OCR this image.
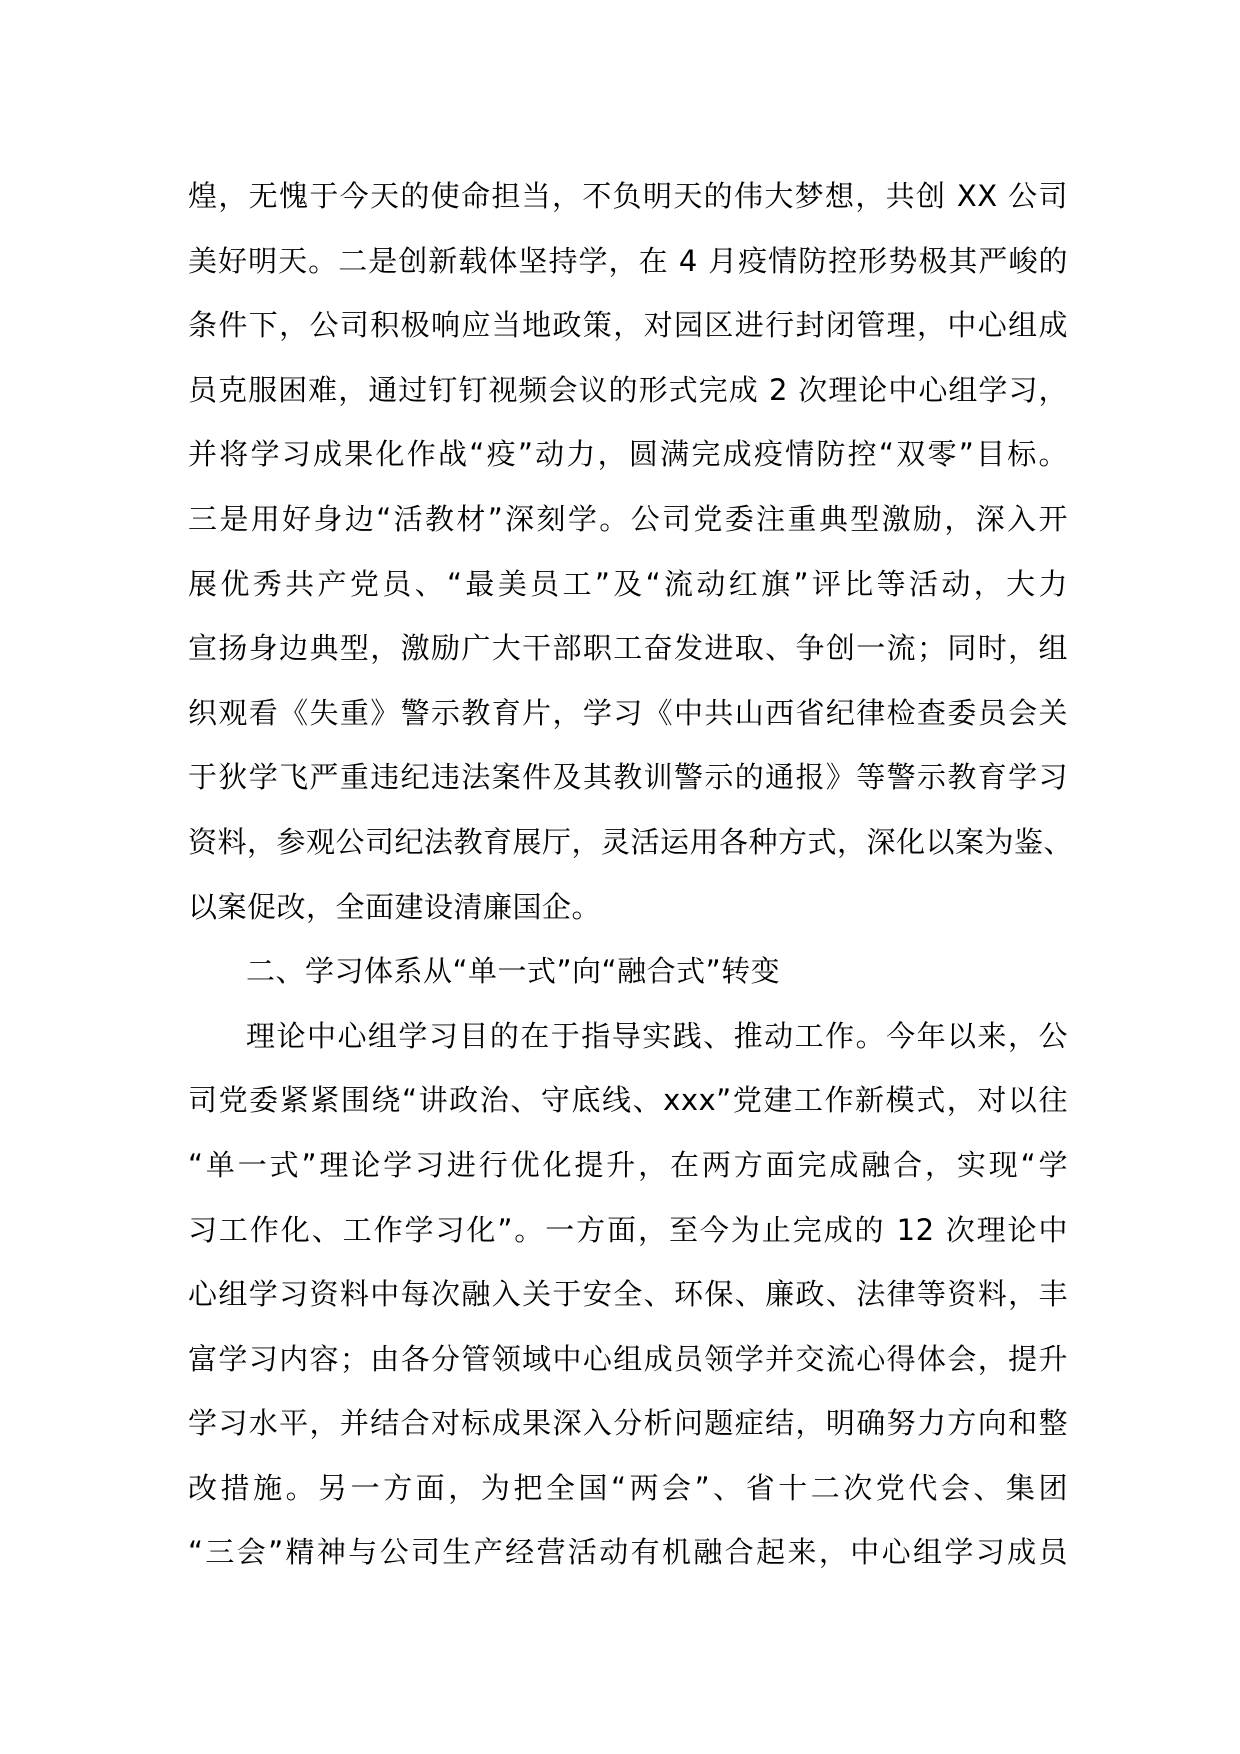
煌，无愧于今天的使命担当，不负明天的伟大梦想，共创 XX 公司
美好明天。二是创新载体坚持学，在 4 月疫情防控形势极其严峻的
条件下，公司积极响应当地政策，对园区进行封闭管理，中心组成
员克服困难，通过钉钉视频会议的形式完成 2 次理论中心组学习，
并将学习成果化作战“疫”动力，圆满完成疫情防控“双零”目标。
三是用好身边“活教材”深刻学。公司党委注重典型激励，深入开
展优秀共产党员、“最美员工”及“流动红旗”评比等活动，大力
宣扬身边典型，激励广大干部职工奋发进取、争创一流；同时，组
织观看《失重》警示教育片，学习《中共山西省纪律检查委员会关
于狄学飞严重违纪违法案件及其教训警示的通报》等警示教育学习
资料，参观公司纪法教育展厅，灵活运用各种方式，深化以案为鉴、
以案促改，全面建设清廉国企。
二、学习体系从“单一式”向“融合式”转变
理论中心组学习目的在于指导实践、推动工作。今年以来，公
司党委紧紧围绕“讲政治、守底线、xxx”党建工作新模式，对以往
“单一式”理论学习进行优化提升，在两方面完成融合，实现“学
习工作化、工作学习化”。一方面，至今为止完成的 12 次理论中
心组学习资料中每次融入关于安全、环保、廉政、法律等资料，丰
富学习内容；由各分管领域中心组成员领学并交流心得体会，提升
学习水平，并结合对标成果深入分析问题症结，明确努力方向和整
改措施。另一方面，为把全国“两会”、省十二次党代会、集团
“三会”精神与公司生产经营活动有机融合起来，中心组学习成员
